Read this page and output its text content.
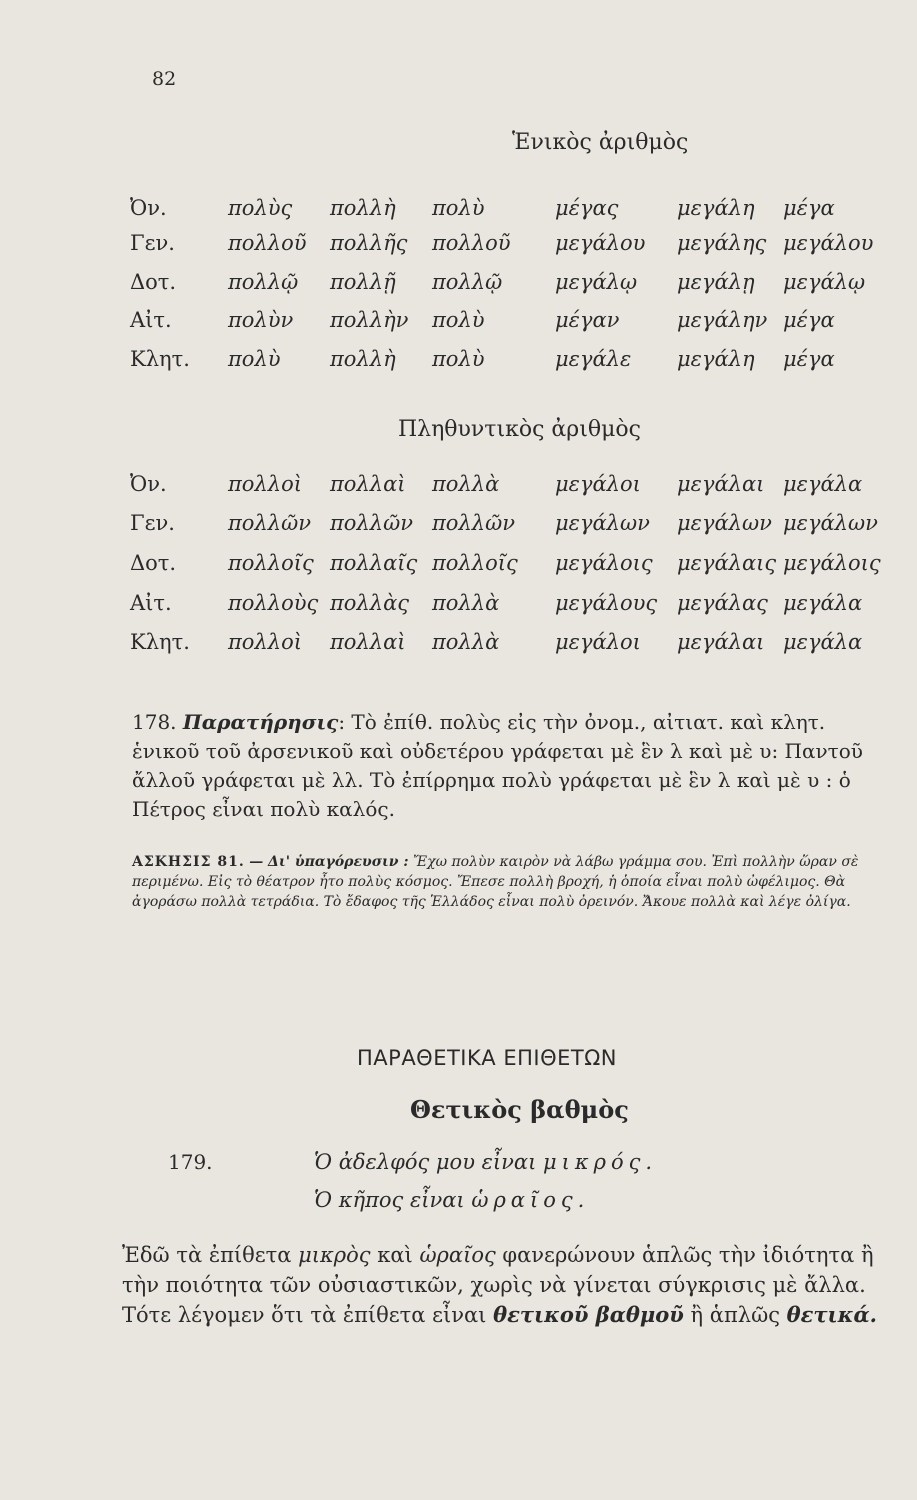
82
Ἑνικὸς ἀριθμὸς
Ὀν.	πολὺς πολλὴ πολὺ	μέγας	μεγάλη μέγα
Γεν.	πολλοῦ πολλῆς πολλοῦ μεγάλου μεγάλης μεγάλου
Δοτ. πολλῷ πολλῇ πολλῷ	μεγάλῳ μεγάλῃ μεγάλῳ
Αἰτ.	πολὺν πολλὴν πολὺ	μέγαν	μεγάλην μέγα
Κλητ. πολὺ πολλὴ πολὺ	μεγάλε μεγάλη μέγα
Πληθυντικὸς ἀριθμὸς
Ὀν.	πολλοὶ πολλαὶ πολλὰ	μεγάλοι μεγάλαι μεγάλα
Γεν.	πολλῶν πολλῶν πολλῶν μεγάλων μεγάλων μεγάλων
Δοτ. πολλοῖς πολλαῖς πολλοῖς μεγάλοις μεγάλαις μεγάλοις
Αἰτ.	πολλοὺς πολλὰς πολλὰ	μεγάλους μεγάλας μεγάλα
Κλητ. πολλοὶ πολλαὶ πολλὰ	μεγάλοι μεγάλαι μεγάλα
178. Παρατήρησις: Τὸ ἐπίθ. πολὺς εἰς τὴν ὀνομ., αἰτιατ. καὶ κλητ. ἑνικοῦ τοῦ ἀρσενικοῦ καὶ οὐδετέρου γράφεται μὲ ἓν λ καὶ μὲ υ: Παντοῦ ἄλλοῦ γράφεται μὲ λλ. Τὸ ἐπίρρημα πολὺ γράφεται μὲ ἓν λ καὶ μὲ υ : ὁ Πέτρος εἶναι πολὺ καλός.
ΑΣΚΗΣΙΣ 81. — Δι' ὑπαγόρευσιν : Ἔχω πολὺν καιρὸν νὰ λάβω γράμμα σου. Ἐπὶ πολλὴν ὥραν σὲ περιμένω. Εἰς τὸ θέατρον ἦτο πολὺς κόσμος. Ἔπεσε πολλὴ βροχή, ἡ ὁποία εἶναι πολὺ ὠφέλιμος. Θὰ ἀγοράσω πολλὰ τετράδια. Τὸ ἔδαφος τῆς Ἑλλάδος εἶναι πολὺ ὀρεινόν. Ἄκουε πολλὰ καὶ λέγε ὀλίγα.
ΠΑΡΑΘΕΤΙΚΑ ΕΠΙΘΕΤΩΝ
Θετικὸς βαθμὸς
179.	Ὁ ἀδελφός μου εἶναι μικρός.
Ὁ κῆπος εἶναι ὡραῖος.
Ἐδῶ τὰ ἐπίθετα μικρὸς καὶ ὡραῖος φανερώνουν ἁπλῶς τὴν ἰδιότητα ἢ τὴν ποιότητα τῶν οὐσιαστικῶν, χωρὶς νὰ γίνεται σύγκρισις μὲ ἄλλα. Τότε λέγομεν ὅτι τὰ ἐπίθετα εἶναι θετικοῦ βαθμοῦ ἢ ἁπλῶς θετικά.
